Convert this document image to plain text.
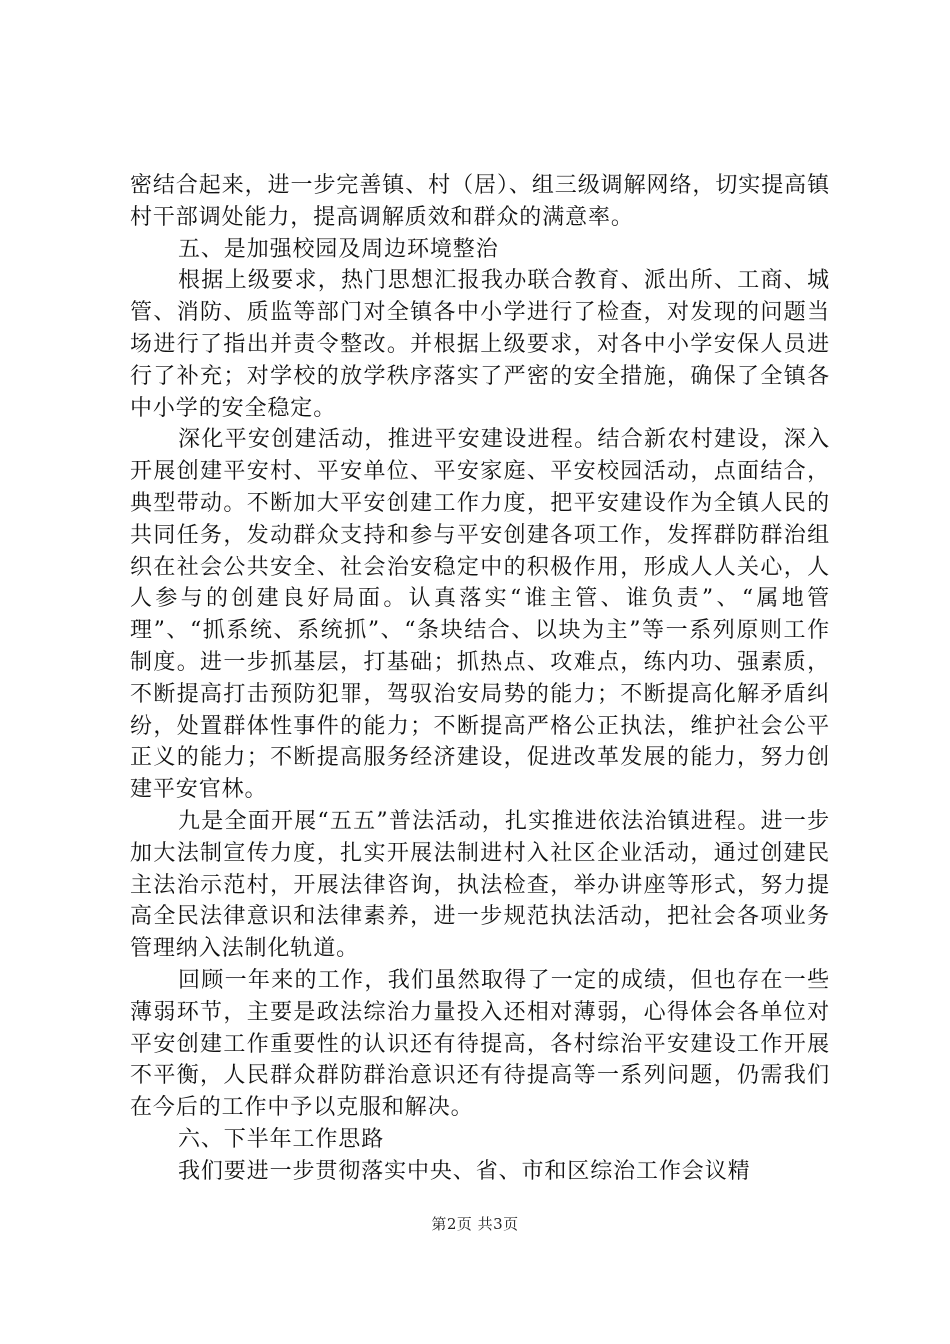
密结合起来，进一步完善镇、村（居）、组三级调解网络，切实提高镇村干部调处能力，提高调解质效和群众的满意率。

五、是加强校园及周边环境整治

根据上级要求，热门思想汇报我办联合教育、派出所、工商、城管、消防、质监等部门对全镇各中小学进行了检查，对发现的问题当场进行了指出并责令整改。并根据上级要求，对各中小学安保人员进行了补充；对学校的放学秩序落实了严密的安全措施，确保了全镇各中小学的安全稳定。

深化平安创建活动，推进平安建设进程。结合新农村建设，深入开展创建平安村、平安单位、平安家庭、平安校园活动，点面结合，典型带动。不断加大平安创建工作力度，把平安建设作为全镇人民的共同任务，发动群众支持和参与平安创建各项工作，发挥群防群治组织在社会公共安全、社会治安稳定中的积极作用，形成人人关心，人人参与的创建良好局面。认真落实“谁主管、谁负责”、“属地管理”、“抓系统、系统抓”、“条块结合、以块为主”等一系列原则工作制度。进一步抓基层，打基础；抓热点、攻难点，练内功、强素质，不断提高打击预防犯罪，驾驭治安局势的能力；不断提高化解矛盾纠纷，处置群体性事件的能力；不断提高严格公正执法，维护社会公平正义的能力；不断提高服务经济建设，促进改革发展的能力，努力创建平安官林。

九是全面开展“五五”普法活动，扎实推进依法治镇进程。进一步加大法制宣传力度，扎实开展法制进村入社区企业活动，通过创建民主法治示范村，开展法律咨询，执法检查，举办讲座等形式，努力提高全民法律意识和法律素养，进一步规范执法活动，把社会各项业务管理纳入法制化轨道。

回顾一年来的工作，我们虽然取得了一定的成绩，但也存在一些薄弱环节，主要是政法综治力量投入还相对薄弱，心得体会各单位对平安创建工作重要性的认识还有待提高，各村综治平安建设工作开展不平衡，人民群众群防群治意识还有待提高等一系列问题，仍需我们在今后的工作中予以克服和解决。

六、下半年工作思路

我们要进一步贯彻落实中央、省、市和区综治工作会议精

第2页 共3页
